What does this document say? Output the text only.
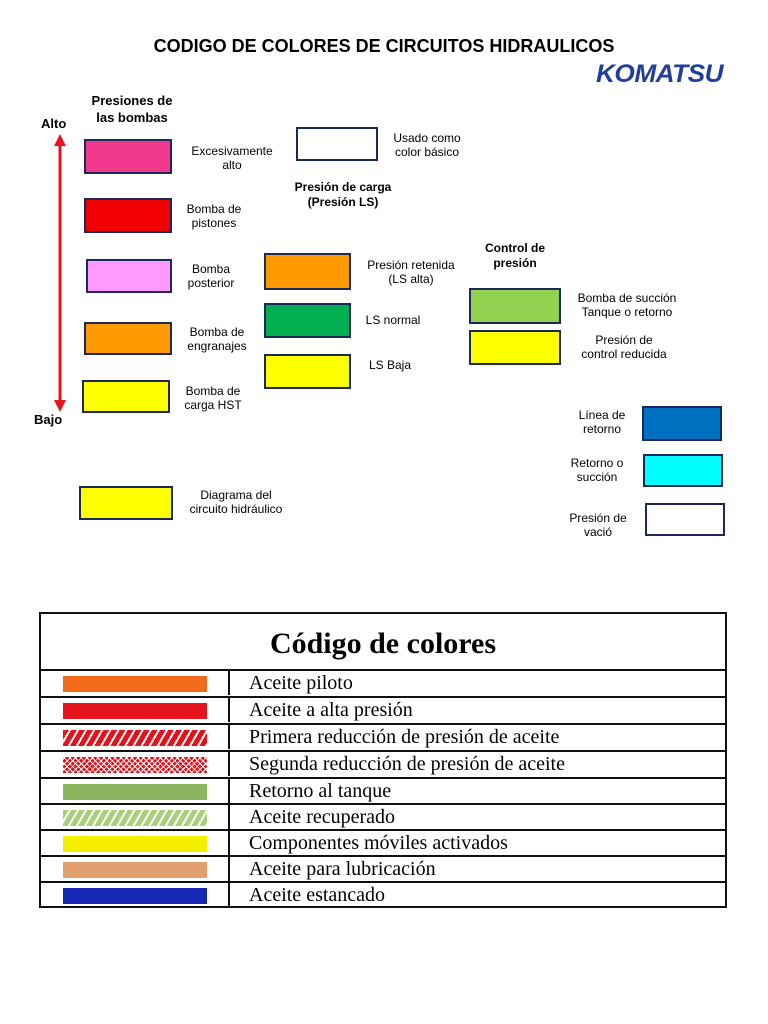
CODIGO DE COLORES DE CIRCUITOS HIDRAULICOS
KOMATSU
Presiones de
las bombas
Alto
Bajo
Excesivamente
alto
Bomba de
pistones
Bomba
posterior
Bomba de
engranajes
Bomba de
carga HST
Diagrama del
circuito hidráulico
Usado como
color básico
Presión de carga
(Presión LS)
Presión retenida
(LS alta)
LS normal
LS Baja
Control de
presión
Bomba de succión
Tanque o retorno
Presión de
control reducida
Línea de
retorno
Retorno o
succión
Presión de
vació
Código de colores
Aceite piloto
Aceite a alta presión
Primera reducción de presión de aceite
Segunda reducción de presión de aceite
Retorno al tanque
Aceite recuperado
Componentes móviles activados
Aceite para lubricación
Aceite estancado
